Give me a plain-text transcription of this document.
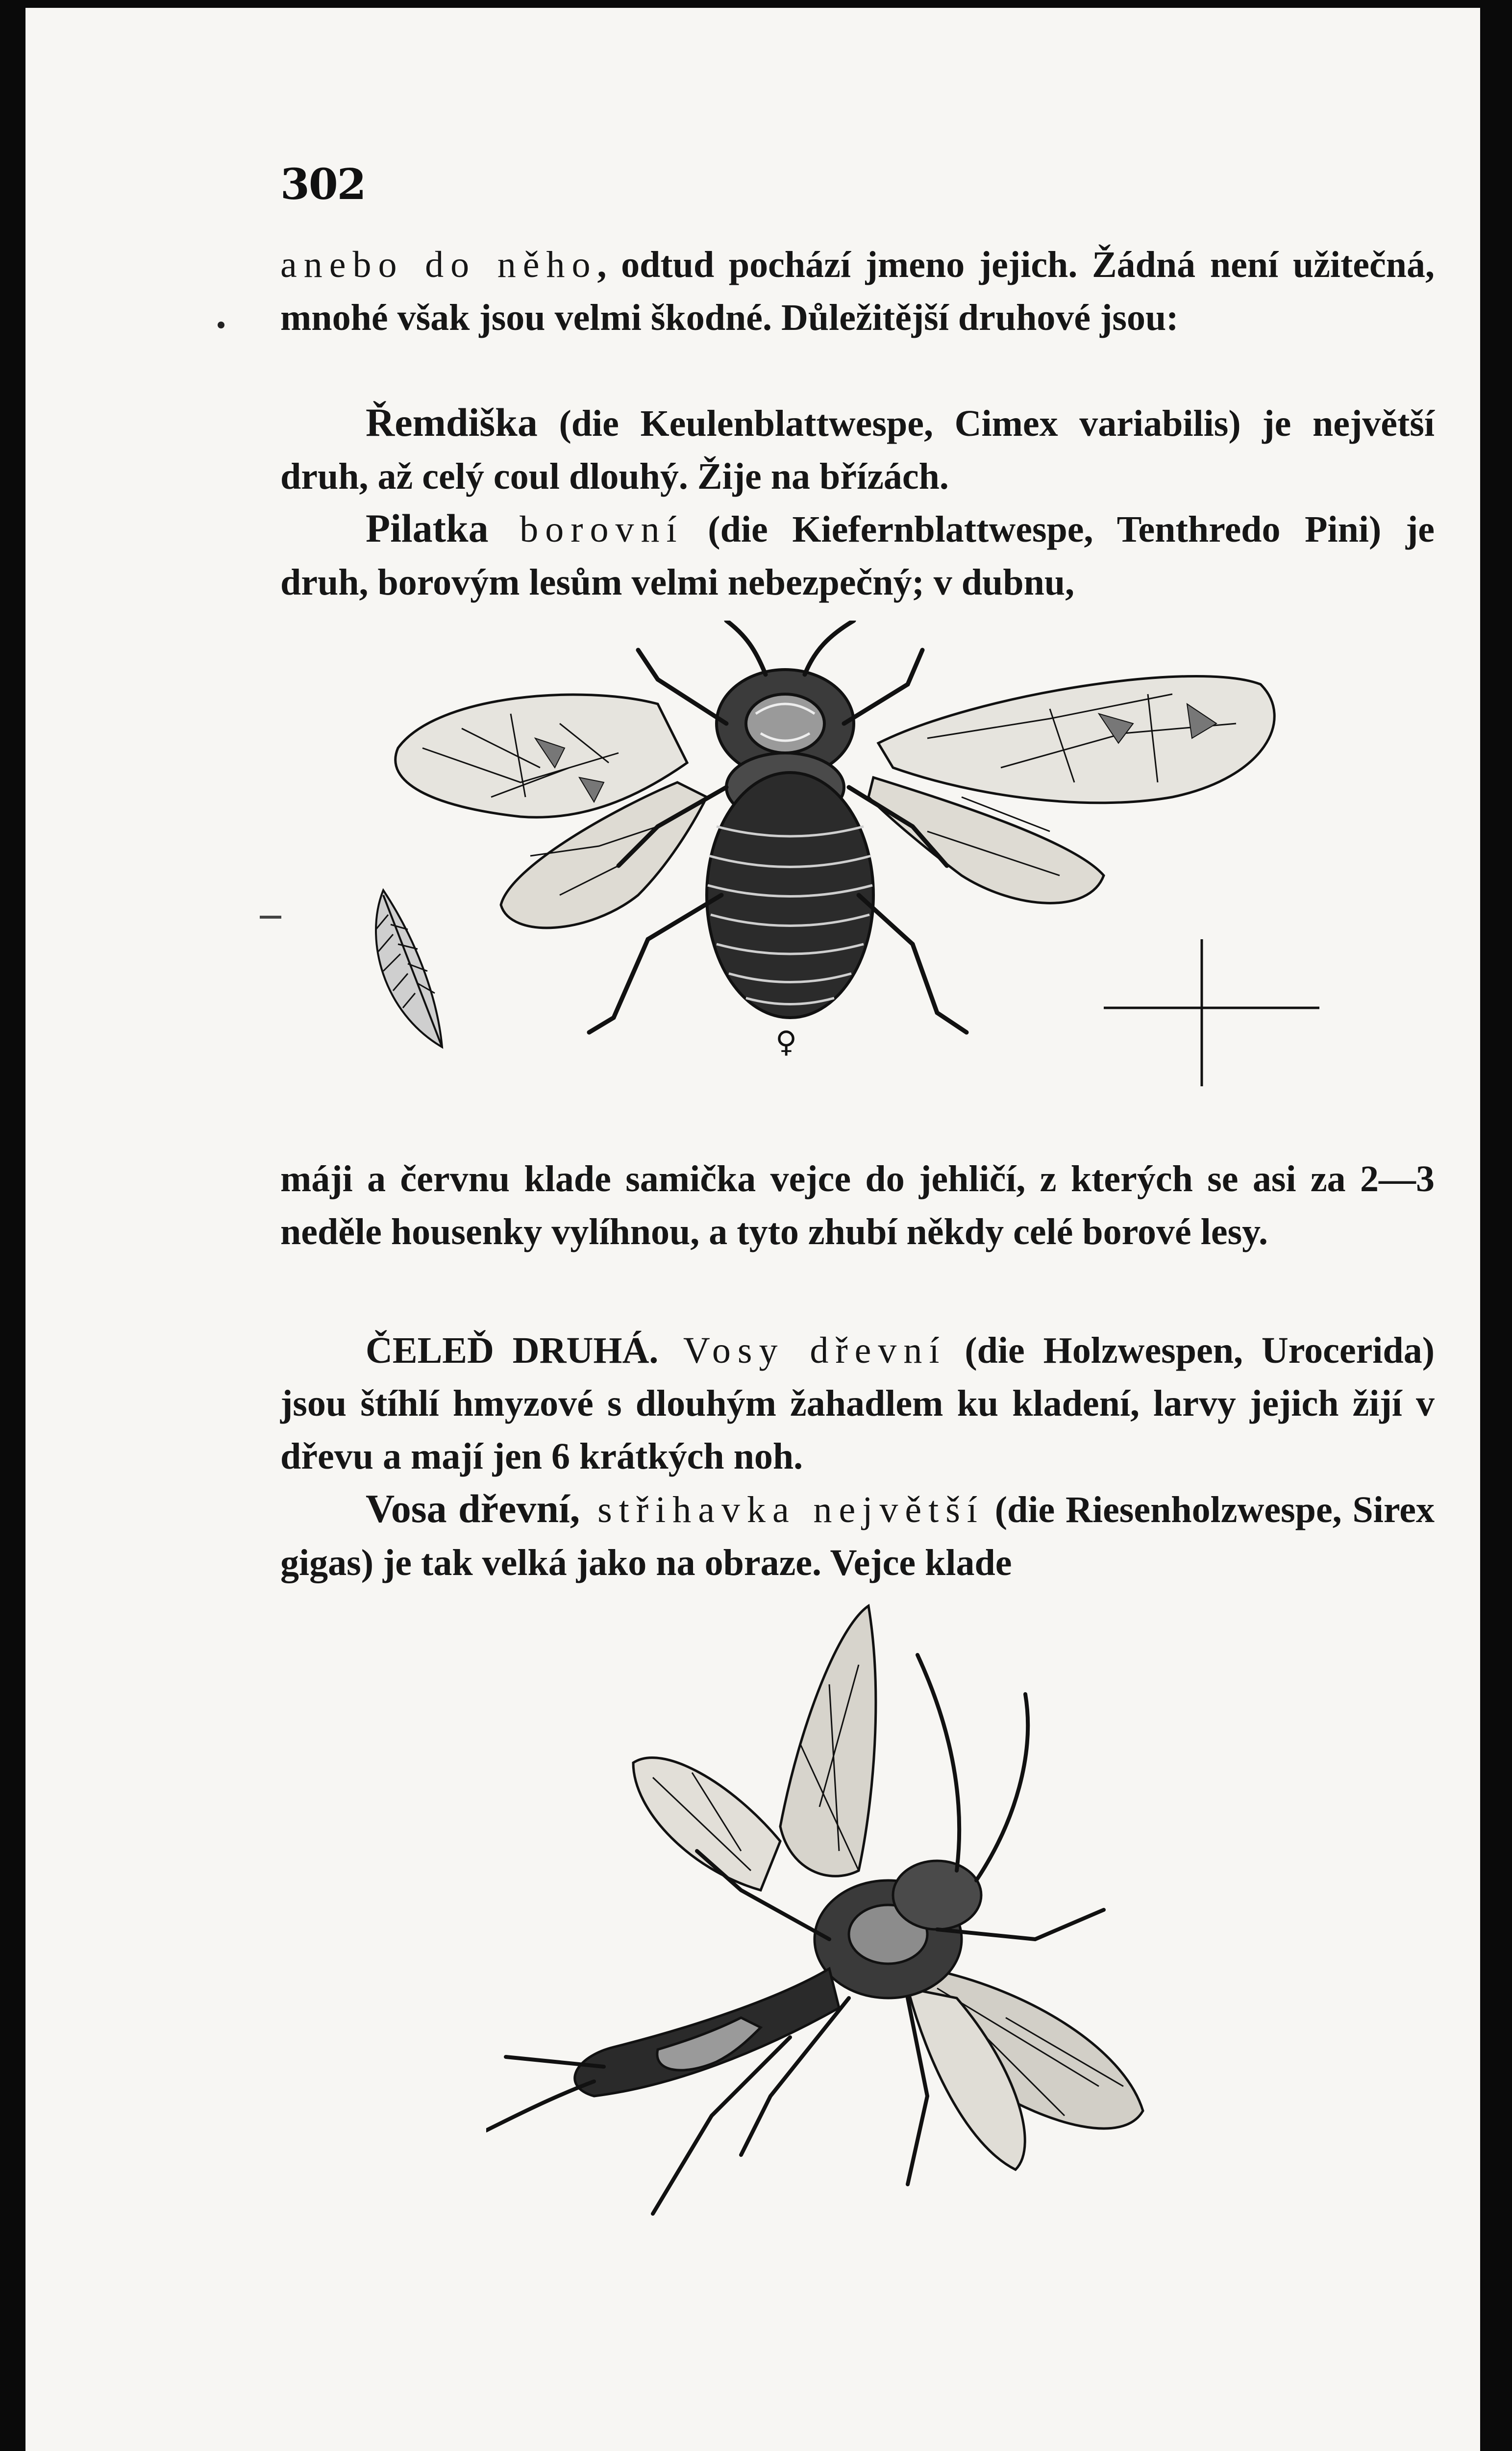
302

anebo do něho, odtud pochází jmeno jejich. Žádná není užitečná, mnohé však jsou velmi škodné. Důležitější druhové jsou:

Řemdiška (die Keulenblattwespe, Cimex variabilis) je největší druh, až celý coul dlouhý. Žije na břízách.

Pilatka borovní (die Kiefernblattwespe, Tenthredo Pini) je druh, borovým lesům velmi nebezpečný; v dubnu,

♀

máji a červnu klade samička vejce do jehličí, z kterých se asi za 2—3 neděle housenky vylíhnou, a tyto zhubí někdy celé borové lesy.

ČELEĎ DRUHÁ. Vosy dřevní (die Holzwespen, Urocerida) jsou štíhlí hmyzové s dlouhým žahadlem ku kladení, larvy jejich žijí v dřevu a mají jen 6 krátkých noh.

Vosa dřevní, střihavka největší (die Riesenholzwespe, Sirex gigas) je tak velká jako na obraze. Vejce klade
